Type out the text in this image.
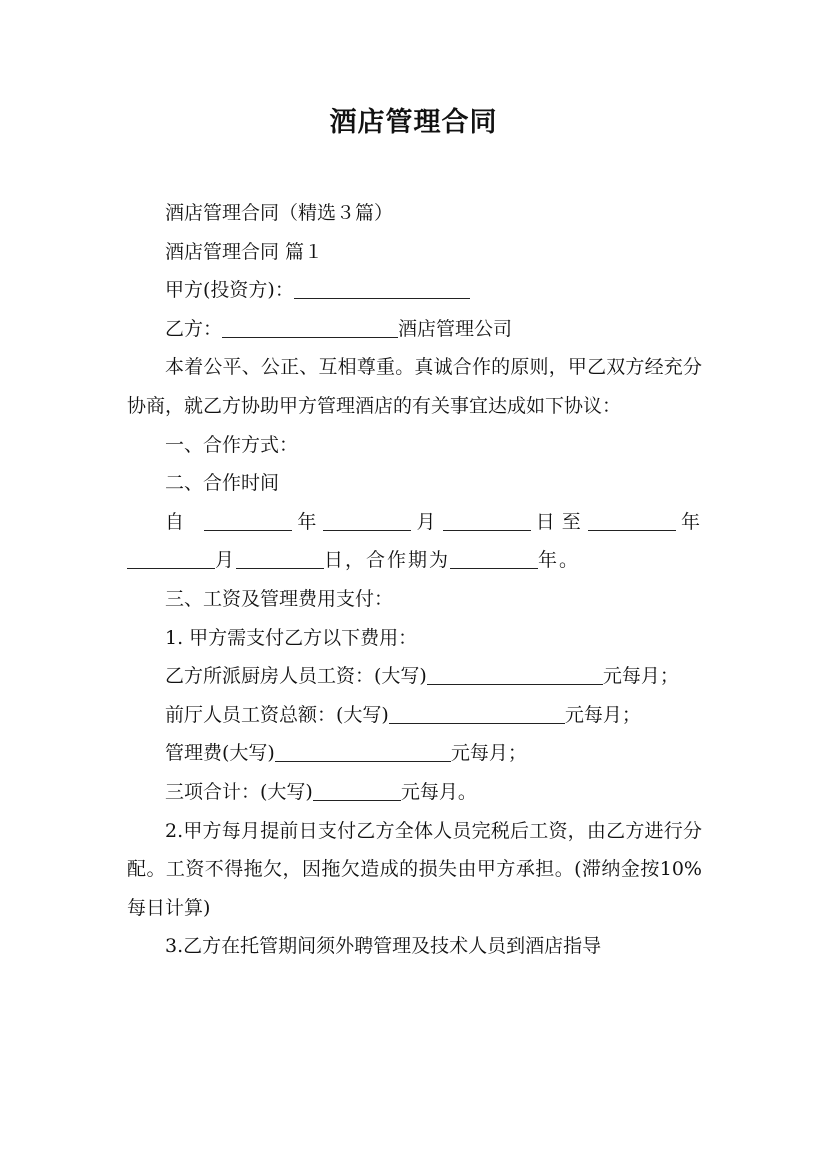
酒店管理合同

酒店管理合同（精选３篇）

酒店管理合同 篇１

甲方(投资方)：

乙方：	酒店管理公司

本着公平、公正、互相尊重。真诚合作的原则，甲乙双方经充分协商，就乙方协助甲方管理酒店的有关事宜达成如下协议：

一、合作方式：

二、合作时间

自	年	月	日至	年月	日，合作期为	年。

三、工资及管理费用支付：

1. 甲方需支付乙方以下费用：

乙方所派厨房人员工资：(大写)	元每月；

前厅人员工资总额：(大写)	元每月；

管理费(大写)	元每月；

三项合计：(大写)	元每月。

2.甲方每月提前日支付乙方全体人员完税后工资，由乙方进行分配。工资不得拖欠，因拖欠造成的损失由甲方承担。(滞纳金按10%每日计算)

3.乙方在托管期间须外聘管理及技术人员到酒店指导
